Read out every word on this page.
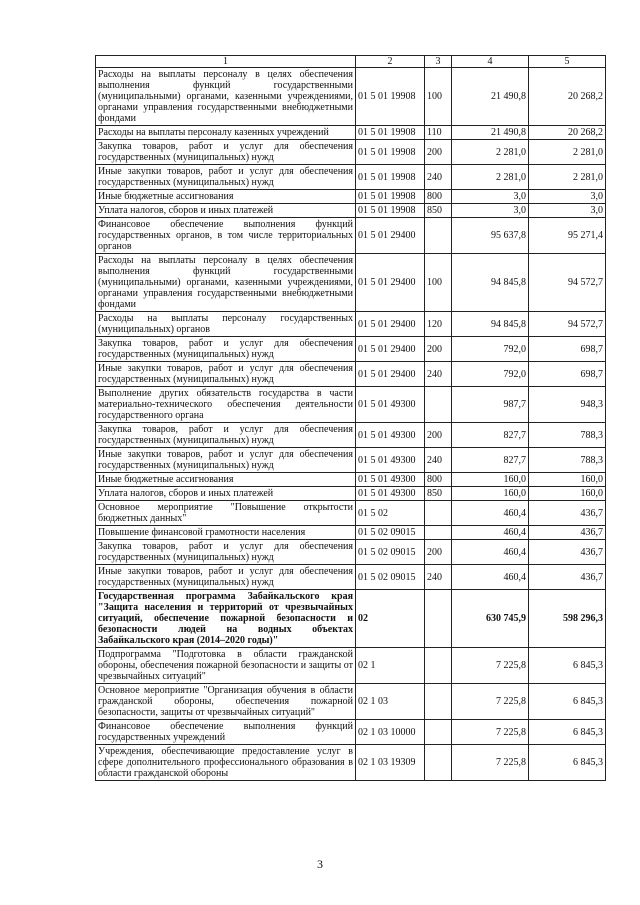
1	2	3	4	5
Расходы на выплаты персоналу в целях обеспечения выполнения функций государственными (муниципальными) органами, казенными учреждениями, органами управления государственными внебюджетными фондами	01 5 01 19908	100	21 490,8	20 268,2
Расходы на выплаты персоналу казенных учреждений	01 5 01 19908	110	21 490,8	20 268,2
Закупка товаров, работ и услуг для обеспечения государственных (муниципальных) нужд	01 5 01 19908	200	2 281,0	2 281,0
Иные закупки товаров, работ и услуг для обеспечения государственных (муниципальных) нужд	01 5 01 19908	240	2 281,0	2 281,0
Иные бюджетные ассигнования	01 5 01 19908	800	3,0	3,0
Уплата налогов, сборов и иных платежей	01 5 01 19908	850	3,0	3,0
Финансовое обеспечение выполнения функций государственных органов, в том числе территориальных органов	01 5 01 29400		95 637,8	95 271,4
Расходы на выплаты персоналу в целях обеспечения выполнения функций государственными (муниципальными) органами, казенными учреждениями, органами управления государственными внебюджетными фондами	01 5 01 29400	100	94 845,8	94 572,7
Расходы на выплаты персоналу государственных (муниципальных) органов	01 5 01 29400	120	94 845,8	94 572,7
Закупка товаров, работ и услуг для обеспечения государственных (муниципальных) нужд	01 5 01 29400	200	792,0	698,7
Иные закупки товаров, работ и услуг для обеспечения государственных (муниципальных) нужд	01 5 01 29400	240	792,0	698,7
Выполнение других обязательств государства в части материально-технического обеспечения деятельности государственного органа	01 5 01 49300		987,7	948,3
Закупка товаров, работ и услуг для обеспечения государственных (муниципальных) нужд	01 5 01 49300	200	827,7	788,3
Иные закупки товаров, работ и услуг для обеспечения государственных (муниципальных) нужд	01 5 01 49300	240	827,7	788,3
Иные бюджетные ассигнования	01 5 01 49300	800	160,0	160,0
Уплата налогов, сборов и иных платежей	01 5 01 49300	850	160,0	160,0
Основное мероприятие "Повышение открытости бюджетных данных"	01 5 02		460,4	436,7
Повышение финансовой грамотности населения	01 5 02 09015		460,4	436,7
Закупка товаров, работ и услуг для обеспечения государственных (муниципальных) нужд	01 5 02 09015	200	460,4	436,7
Иные закупки товаров, работ и услуг для обеспечения государственных (муниципальных) нужд	01 5 02 09015	240	460,4	436,7
Государственная программа Забайкальского края "Защита населения и территорий от чрезвычайных ситуаций, обеспечение пожарной безопасности и безопасности людей на водных объектах Забайкальского края (2014–2020 годы)"	02		630 745,9	598 296,3
Подпрограмма "Подготовка в области гражданской обороны, обеспечения пожарной безопасности и защиты от чрезвычайных ситуаций"	02 1		7 225,8	6 845,3
Основное мероприятие "Организация обучения в области гражданской обороны, обеспечения пожарной безопасности, защиты от чрезвычайных ситуаций"	02 1 03		7 225,8	6 845,3
Финансовое обеспечение выполнения функций государственных учреждений	02 1 03 10000		7 225,8	6 845,3
Учреждения, обеспечивающие предоставление услуг в сфере дополнительного профессионального образования в области гражданской обороны	02 1 03 19309		7 225,8	6 845,3
3
